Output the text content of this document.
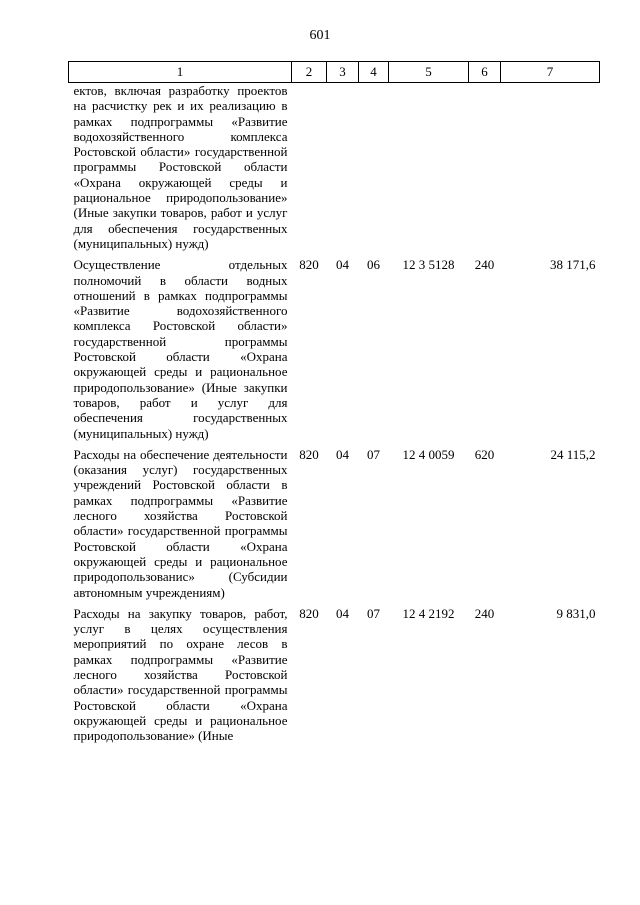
601
1	2	3	4	5	6	7
ектов, включая разработку проектов на расчистку рек и их реализацию в рамках подпрограммы «Развитие водохозяйственного комплекса Ростовской области» государственной программы Ростовской области «Охрана окружающей среды и рациональное природопользование» (Иные закупки товаров, работ и услуг для обеспечения государственных (муниципальных) нужд)						
Осуществление отдельных полномочий в области водных отношений в рамках подпрограммы «Развитие водохозяйственного комплекса Ростовской области» государственной программы Ростовской области «Охрана окружающей среды и рациональное природопользование» (Иные закупки товаров, работ и услуг для обеспечения государственных (муниципальных) нужд)	820	04	06	12 3 5128	240	38 171,6
Расходы на обеспечение деятельности (оказания услуг) государственных учреждений Ростовской области в рамках подпрограммы «Развитие лесного хозяйства Ростовской области» государственной программы Ростовской области «Охрана окружающей среды и рациональное природопользованис» (Субсидии автономным учреждениям)	820	04	07	12 4 0059	620	24 115,2
Расходы на закупку товаров, работ, услуг в целях осуществления мероприятий по охране лесов в рамках подпрограммы «Развитие лесного хозяйства Ростовской области» государственной программы Ростовской области «Охрана окружающей среды и рациональное природопользование» (Иные	820	04	07	12 4 2192	240	9 831,0
